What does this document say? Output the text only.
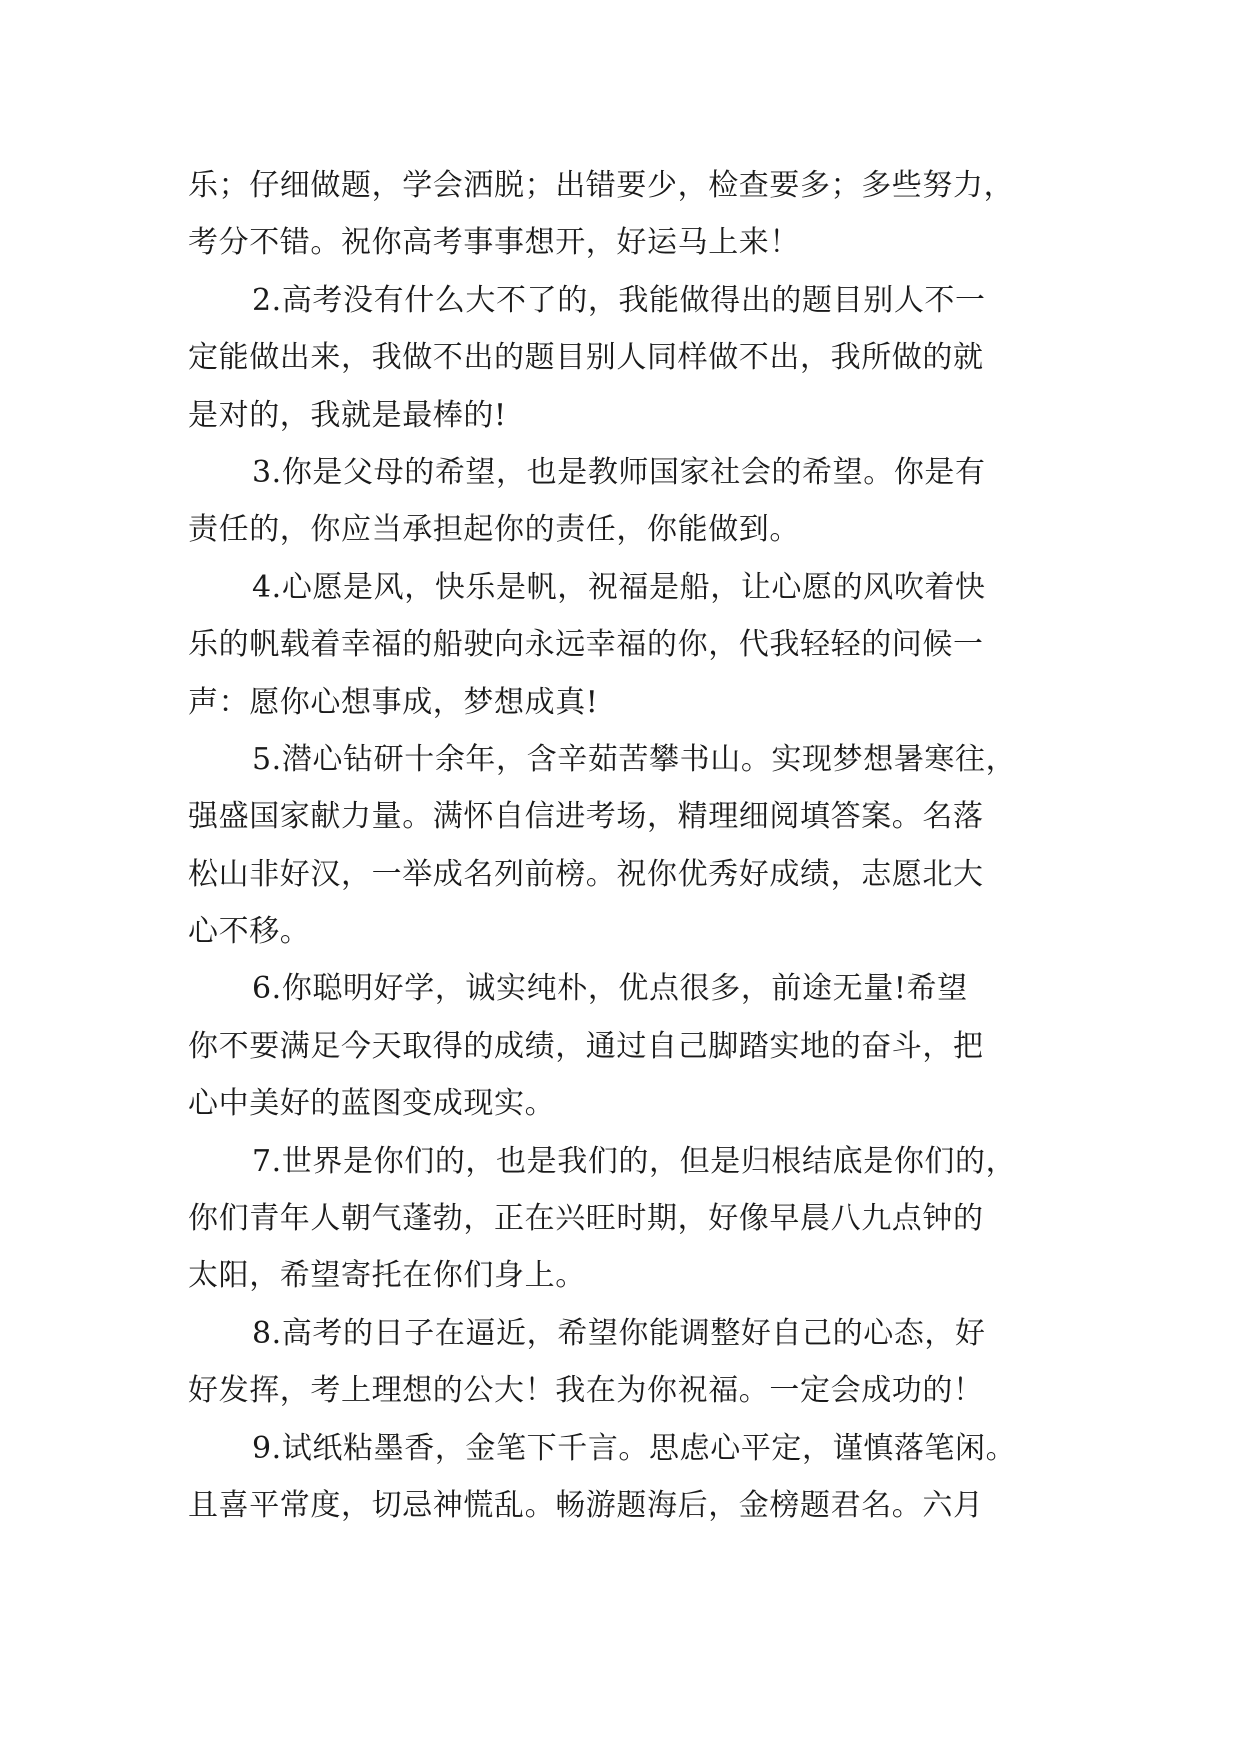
乐；仔细做题，学会洒脱；出错要少，检查要多；多些努力，
考分不错。祝你高考事事想开，好运马上来！
2.高考没有什么大不了的，我能做得出的题目别人不一
定能做出来，我做不出的题目别人同样做不出，我所做的就
是对的，我就是最棒的!
3.你是父母的希望，也是教师国家社会的希望。你是有
责任的，你应当承担起你的责任，你能做到。
4.心愿是风，快乐是帆，祝福是船，让心愿的风吹着快
乐的帆载着幸福的船驶向永远幸福的你，代我轻轻的问候一
声：愿你心想事成，梦想成真!
5.潜心钻研十余年，含辛茹苦攀书山。实现梦想暑寒往，
强盛国家献力量。满怀自信进考场，精理细阅填答案。名落
松山非好汉，一举成名列前榜。祝你优秀好成绩，志愿北大
心不移。
6.你聪明好学，诚实纯朴，优点很多，前途无量!希望
你不要满足今天取得的成绩，通过自己脚踏实地的奋斗，把
心中美好的蓝图变成现实。
7.世界是你们的，也是我们的，但是归根结底是你们的，
你们青年人朝气蓬勃，正在兴旺时期，好像早晨八九点钟的
太阳，希望寄托在你们身上。
8.高考的日子在逼近，希望你能调整好自己的心态，好
好发挥，考上理想的公大！我在为你祝福。一定会成功的！
9.试纸粘墨香，金笔下千言。思虑心平定，谨慎落笔闲。
且喜平常度，切忌神慌乱。畅游题海后，金榜题君名。六月
